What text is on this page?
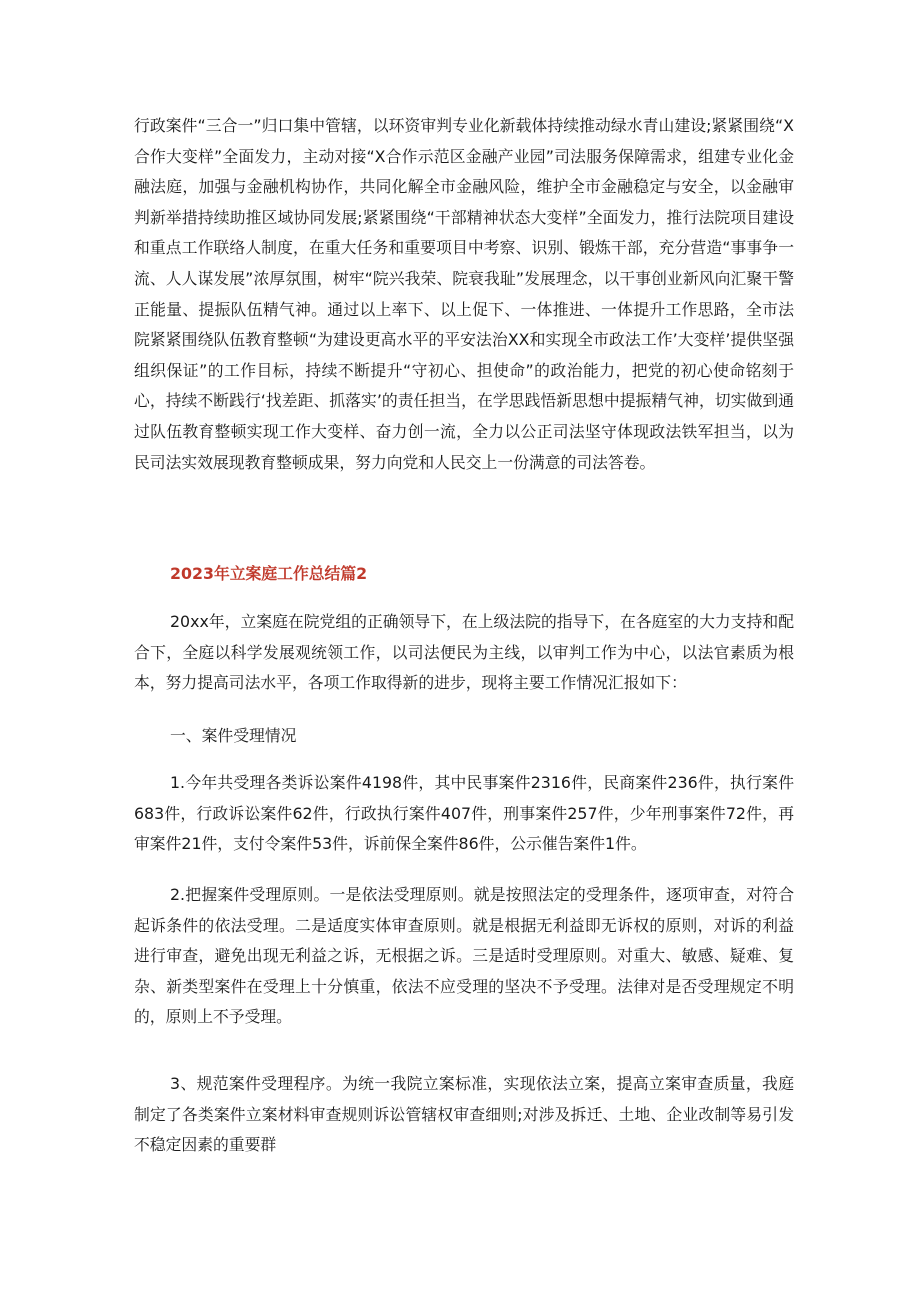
行政案件“三合一”归口集中管辖，以环资审判专业化新载体持续推动绿水青山建设;紧紧围绕“X合作大变样”全面发力，主动对接“X合作示范区金融产业园”司法服务保障需求，组建专业化金融法庭，加强与金融机构协作，共同化解全市金融风险，维护全市金融稳定与安全，以金融审判新举措持续助推区域协同发展;紧紧围绕“干部精神状态大变样”全面发力，推行法院项目建设和重点工作联络人制度，在重大任务和重要项目中考察、识别、锻炼干部，充分营造“事事争一流、人人谋发展”浓厚氛围，树牢“院兴我荣、院衰我耻”发展理念，以干事创业新风向汇聚干警正能量、提振队伍精气神。通过以上率下、以上促下、一体推进、一体提升工作思路，全市法院紧紧围绕队伍教育整顿“为建设更高水平的平安法治XX和实现全市政法工作’大变样’提供坚强组织保证”的工作目标，持续不断提升“守初心、担使命”的政治能力，把党的初心使命铭刻于心，持续不断践行‘找差距、抓落实’的责任担当，在学思践悟新思想中提振精气神，切实做到通过队伍教育整顿实现工作大变样、奋力创一流，全力以公正司法坚守体现政法铁军担当，以为民司法实效展现教育整顿成果，努力向党和人民交上一份满意的司法答卷。

2023年立案庭工作总结篇2

20xx年，立案庭在院党组的正确领导下，在上级法院的指导下，在各庭室的大力支持和配合下，全庭以科学发展观统领工作，以司法便民为主线，以审判工作为中心，以法官素质为根本，努力提高司法水平，各项工作取得新的进步，现将主要工作情况汇报如下：

一、案件受理情况

1.今年共受理各类诉讼案件4198件，其中民事案件2316件，民商案件236件，执行案件683件，行政诉讼案件62件，行政执行案件407件，刑事案件257件，少年刑事案件72件，再审案件21件，支付令案件53件，诉前保全案件86件，公示催告案件1件。

2.把握案件受理原则。一是依法受理原则。就是按照法定的受理条件，逐项审查，对符合起诉条件的依法受理。二是适度实体审查原则。就是根据无利益即无诉权的原则，对诉的利益进行审查，避免出现无利益之诉，无根据之诉。三是适时受理原则。对重大、敏感、疑难、复杂、新类型案件在受理上十分慎重，依法不应受理的坚决不予受理。法律对是否受理规定不明的，原则上不予受理。

3、规范案件受理程序。为统一我院立案标准，实现依法立案，提高立案审查质量，我庭制定了各类案件立案材料审查规则诉讼管辖权审查细则;对涉及拆迁、土地、企业改制等易引发不稳定因素的重要群
